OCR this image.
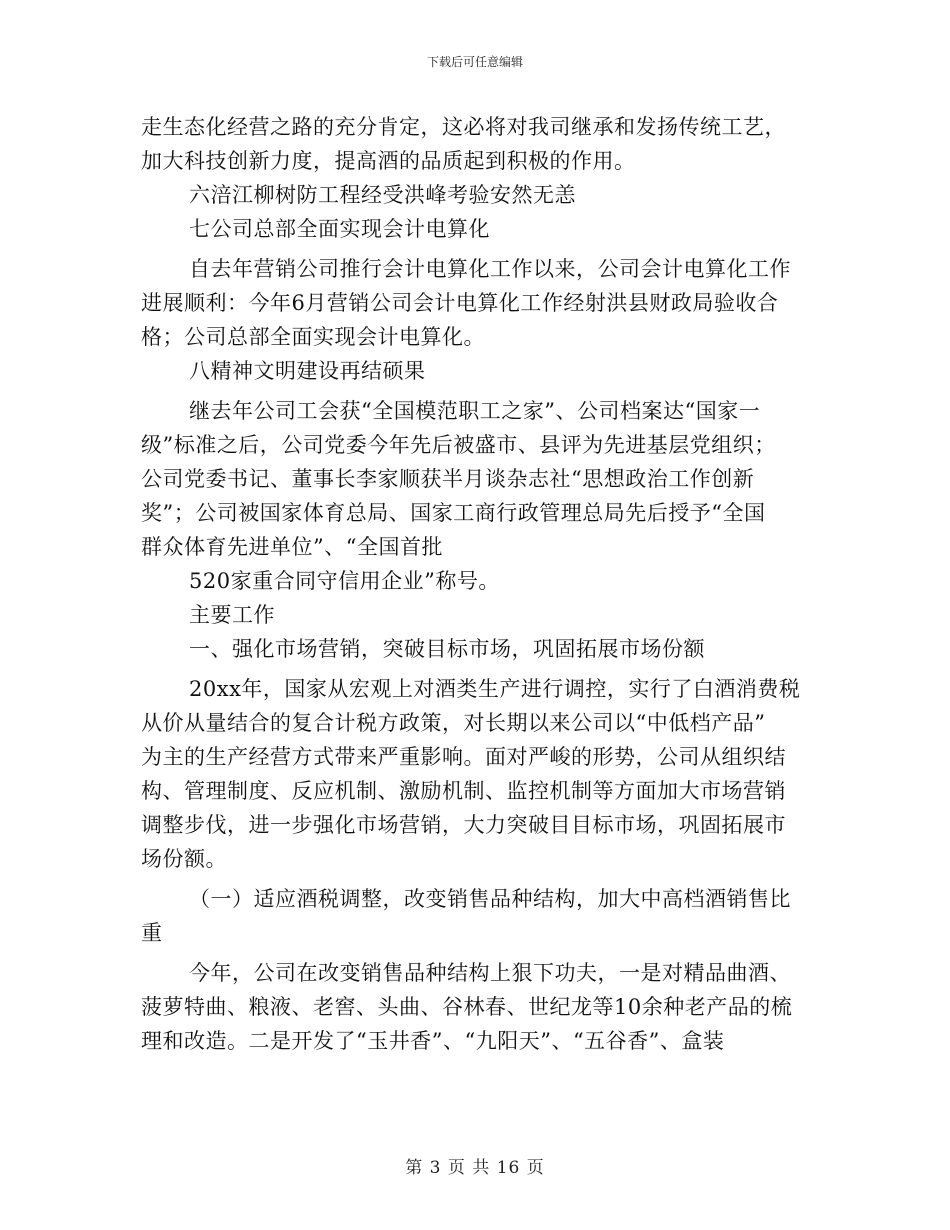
下载后可任意编辑
走生态化经营之路的充分肯定，这必将对我司继承和发扬传统工艺，
加大科技创新力度，提高酒的品质起到积极的作用。
六涪江柳树防工程经受洪峰考验安然无恙
七公司总部全面实现会计电算化
自去年营销公司推行会计电算化工作以来，公司会计电算化工作
进展顺利：今年6月营销公司会计电算化工作经射洪县财政局验收合
格；公司总部全面实现会计电算化。
八精神文明建设再结硕果
继去年公司工会获“全国模范职工之家”、公司档案达“国家一
级”标准之后，公司党委今年先后被盛市、县评为先进基层党组织；
公司党委书记、董事长李家顺获半月谈杂志社“思想政治工作创新
奖”；公司被国家体育总局、国家工商行政管理总局先后授予“全国
群众体育先进单位”、“全国首批
520家重合同守信用企业”称号。
主要工作
一、强化市场营销，突破目标市场，巩固拓展市场份额
20xx年，国家从宏观上对酒类生产进行调控，实行了白酒消费税
从价从量结合的复合计税方政策，对长期以来公司以“中低档产品”
为主的生产经营方式带来严重影响。面对严峻的形势，公司从组织结
构、管理制度、反应机制、激励机制、监控机制等方面加大市场营销
调整步伐，进一步强化市场营销，大力突破目目标市场，巩固拓展市
场份额。
（一）适应酒税调整，改变销售品种结构，加大中高档酒销售比
重
今年，公司在改变销售品种结构上狠下功夫，一是对精品曲酒、
菠萝特曲、粮液、老窖、头曲、谷林春、世纪龙等10余种老产品的梳
理和改造。二是开发了“玉井香”、“九阳天”、“五谷香”、盒装
第 3 页 共 16 页
